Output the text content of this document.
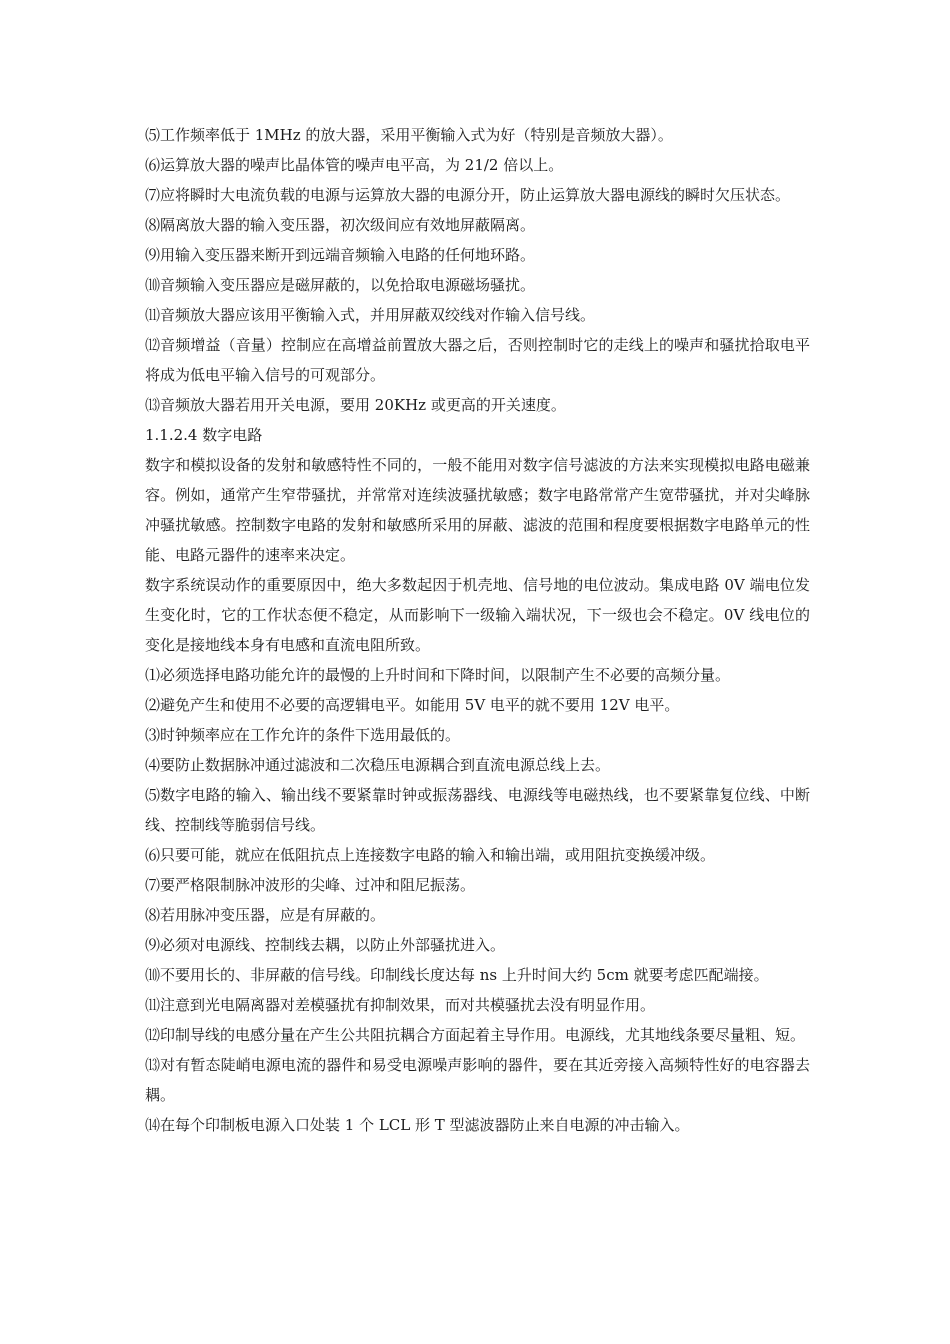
⑸工作频率低于 1MHz 的放大器，采用平衡输入式为好（特别是音频放大器）。

⑹运算放大器的噪声比晶体管的噪声电平高，为 21/2 倍以上。

⑺应将瞬时大电流负载的电源与运算放大器的电源分开，防止运算放大器电源线的瞬时欠压状态。

⑻隔离放大器的输入变压器，初次级间应有效地屏蔽隔离。

⑼用输入变压器来断开到远端音频输入电路的任何地环路。

⑽音频输入变压器应是磁屏蔽的，以免拾取电源磁场骚扰。

⑾音频放大器应该用平衡输入式，并用屏蔽双绞线对作输入信号线。

⑿音频增益（音量）控制应在高增益前置放大器之后，否则控制时它的走线上的噪声和骚扰拾取电平将成为低电平输入信号的可观部分。

⒀音频放大器若用开关电源，要用 20KHz 或更高的开关速度。

1.1.2.4 数字电路

数字和模拟设备的发射和敏感特性不同的，一般不能用对数字信号滤波的方法来实现模拟电路电磁兼容。例如，通常产生窄带骚扰，并常常对连续波骚扰敏感；数字电路常常产生宽带骚扰，并对尖峰脉冲骚扰敏感。控制数字电路的发射和敏感所采用的屏蔽、滤波的范围和程度要根据数字电路单元的性能、电路元器件的速率来决定。

数字系统误动作的重要原因中，绝大多数起因于机壳地、信号地的电位波动。集成电路 0V 端电位发生变化时，它的工作状态便不稳定，从而影响下一级输入端状况，下一级也会不稳定。0V 线电位的变化是接地线本身有电感和直流电阻所致。

⑴必须选择电路功能允许的最慢的上升时间和下降时间，以限制产生不必要的高频分量。

⑵避免产生和使用不必要的高逻辑电平。如能用 5V 电平的就不要用 12V 电平。

⑶时钟频率应在工作允许的条件下选用最低的。

⑷要防止数据脉冲通过滤波和二次稳压电源耦合到直流电源总线上去。

⑸数字电路的输入、输出线不要紧靠时钟或振荡器线、电源线等电磁热线，也不要紧靠复位线、中断线、控制线等脆弱信号线。

⑹只要可能，就应在低阻抗点上连接数字电路的输入和输出端，或用阻抗变换缓冲级。

⑺要严格限制脉冲波形的尖峰、过冲和阻尼振荡。

⑻若用脉冲变压器，应是有屏蔽的。

⑼必须对电源线、控制线去耦，以防止外部骚扰进入。

⑽不要用长的、非屏蔽的信号线。印制线长度达每 ns 上升时间大约 5cm 就要考虑匹配端接。

⑾注意到光电隔离器对差模骚扰有抑制效果，而对共模骚扰去没有明显作用。

⑿印制导线的电感分量在产生公共阻抗耦合方面起着主导作用。电源线，尤其地线条要尽量粗、短。

⒀对有暂态陡峭电源电流的器件和易受电源噪声影响的器件，要在其近旁接入高频特性好的电容器去耦。

⒁在每个印制板电源入口处装 1 个 LCL 形 T 型滤波器防止来自电源的冲击输入。
